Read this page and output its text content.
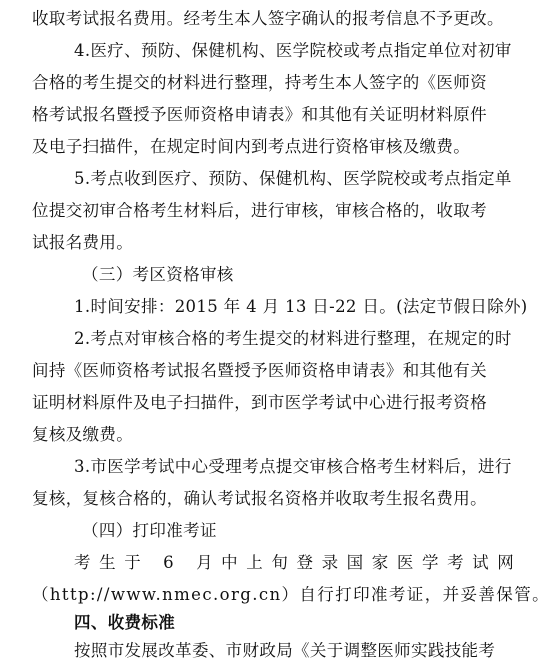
收取考试报名费用。经考生本人签字确认的报考信息不予更改。
4.医疗、预防、保健机构、医学院校或考点指定单位对初审
合格的考生提交的材料进行整理，持考生本人签字的《医师资
格考试报名暨授予医师资格申请表》和其他有关证明材料原件
及电子扫描件，在规定时间内到考点进行资格审核及缴费。
5.考点收到医疗、预防、保健机构、医学院校或考点指定单
位提交初审合格考生材料后，进行审核，审核合格的，收取考
试报名费用。
（三）考区资格审核
1.时间安排：2015 年 4 月 13 日-22 日。(法定节假日除外)
2.考点对审核合格的考生提交的材料进行整理，在规定的时
间持《医师资格考试报名暨授予医师资格申请表》和其他有关
证明材料原件及电子扫描件，到市医学考试中心进行报考资格
复核及缴费。
3.市医学考试中心受理考点提交审核合格考生材料后，进行
复核，复核合格的，确认考试报名资格并收取考生报名费用。
（四）打印准考证
考生于 6 月中上旬登录国家医学考试网
（http://www.nmec.org.cn）自行打印准考证，并妥善保管。
四、收费标准
按照市发展改革委、市财政局《关于调整医师实践技能考
